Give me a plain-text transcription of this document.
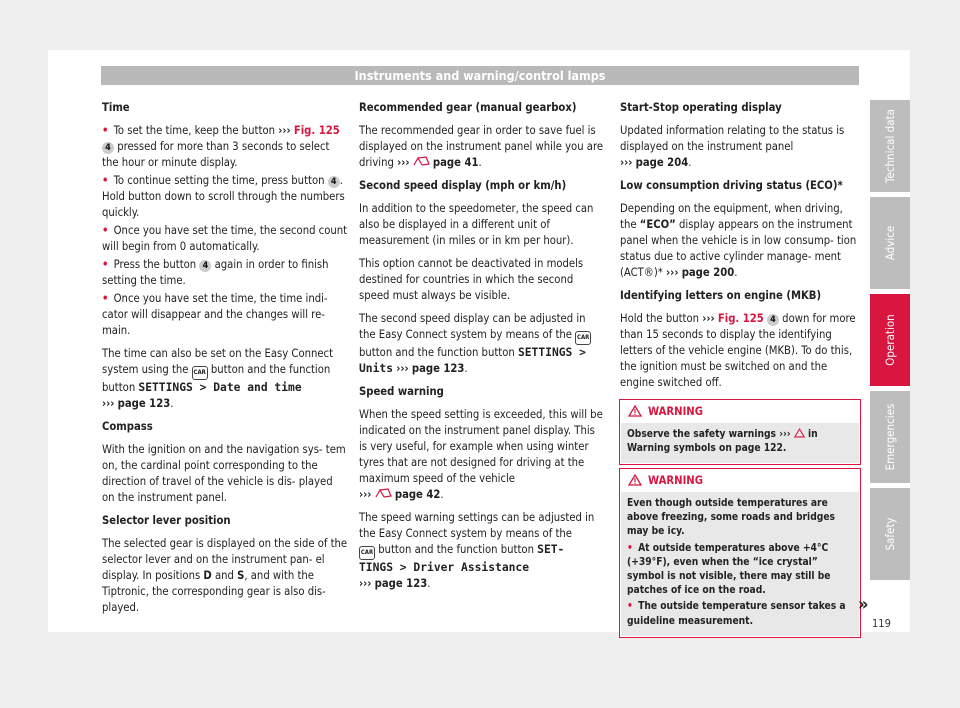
Instruments and warning/control lamps

Time

• To set the time, keep the button ››› Fig. 125
4 pressed for more than 3 seconds to select the hour or minute display.

• To continue setting the time, press button 4 . Hold button down to scroll through the numbers quickly.

• Once you have set the time, the second count will begin from 0 automatically.

• Press the button 4 again in order to finish setting the time.

• Once you have set the time, the time indi- cator will disappear and the changes will re- main.

The time can also be set on the Easy Connect system using the CAR button and the function button SETTINGS > Date and time
››› page 123.

Compass

With the ignition on and the navigation sys- tem on, the cardinal point corresponding to the direction of travel of the vehicle is dis- played on the instrument panel.

Selector lever position

The selected gear is displayed on the side of the selector lever and on the instrument pan- el display. In positions D and S, and with the Tiptronic, the corresponding gear is also dis- played.

Recommended gear (manual gearbox)

The recommended gear in order to save fuel is displayed on the instrument panel while you are driving ››› page 41.

Second speed display (mph or km/h)

In addition to the speedometer, the speed can also be displayed in a different unit of measurement (in miles or in km per hour).

This option cannot be deactivated in models destined for countries in which the second speed must always be visible.

The second speed display can be adjusted in the Easy Connect system by means of the CAR button and the function button SETTINGS > Units ››› page 123.

Speed warning

When the speed setting is exceeded, this will be indicated on the instrument panel display. This is very useful, for example when using winter tyres that are not designed for driving at the maximum speed of the vehicle
››› page 42.

The speed warning settings can be adjusted in the Easy Connect system by means of the
CAR button and the function button SET- TINGS > Driver Assistance
››› page 123.

Start-Stop operating display

Updated information relating to the status is displayed on the instrument panel
››› page 204.

Low consumption driving status (ECO)*

Depending on the equipment, when driving, the “ECO” display appears on the instrument panel when the vehicle is in low consump- tion status due to active cylinder manage- ment (ACT®)* ››› page 200.

Identifying letters on engine (MKB)

Hold the button ››› Fig. 125 4 down for more than 15 seconds to display the identifying letters of the vehicle engine (MKB). To do this, the ignition must be switched on and the engine switched off.

WARNING

Observe the safety warnings ››› in Warning symbols on page 122.

WARNING

Even though outside temperatures are above freezing, some roads and bridges may be icy.

• At outside temperatures above +4°C (+39°F), even when the “ice crystal” symbol is not visible, there may still be patches of ice on the road.

• The outside temperature sensor takes a guideline measurement.

»
Technical data
Advice
Operation
Emergencies
Safety
119
